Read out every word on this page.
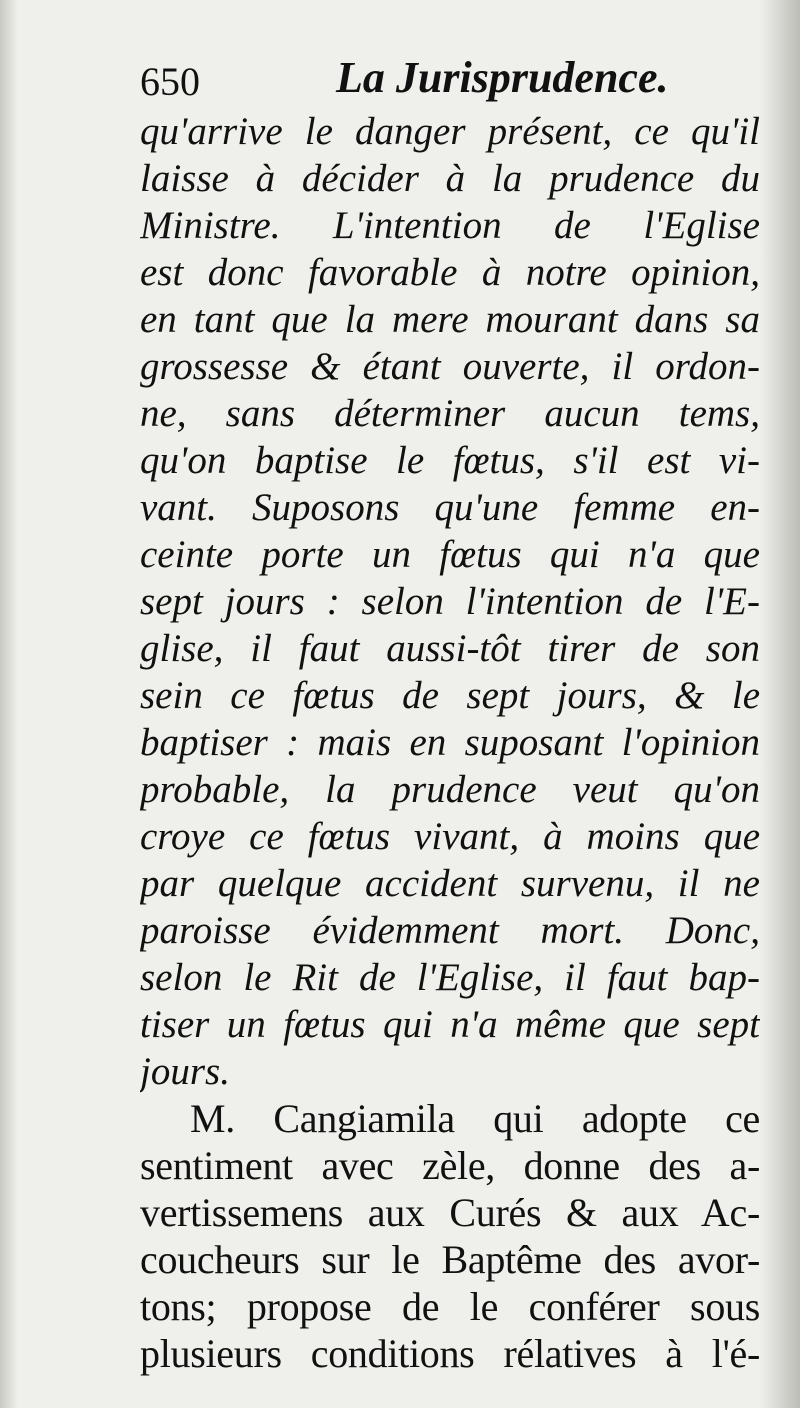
650	La Jurisprudence.
qu'arrive le danger présent, ce qu'il
laisse à décider à la prudence du
Ministre. L'intention de l'Eglise
est donc favorable à notre opinion,
en tant que la mere mourant dans sa
grossesse & étant ouverte, il ordon-
ne, sans déterminer aucun tems,
qu'on baptise le fœtus, s'il est vi-
vant. Suposons qu'une femme en-
ceinte porte un fœtus qui n'a que
sept jours : selon l'intention de l'E-
glise, il faut aussi-tôt tirer de son
sein ce fœtus de sept jours, & le
baptiser : mais en suposant l'opinion
probable, la prudence veut qu'on
croye ce fœtus vivant, à moins que
par quelque accident survenu, il ne
paroisse évidemment mort. Donc,
selon le Rit de l'Eglise, il faut bap-
tiser un fœtus qui n'a même que sept
jours.
M. Cangiamila qui adopte ce
sentiment avec zèle, donne des a-
vertissemens aux Curés & aux Ac-
coucheurs sur le Baptême des avor-
tons; propose de le conférer sous
plusieurs conditions rélatives à l'é-
